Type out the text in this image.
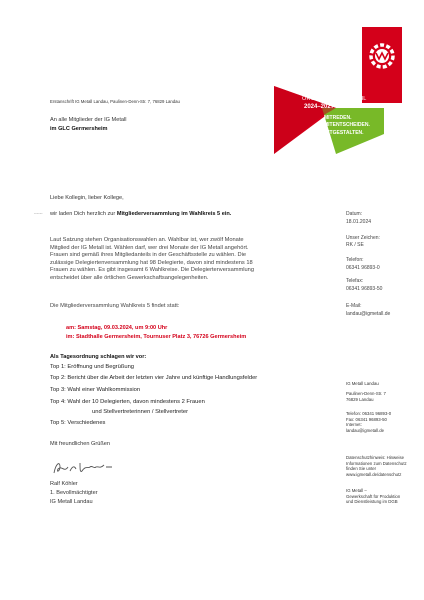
Erstanschrift IG Metall Landau, Paulinen-Denn-Str. 7, 76829 Landau
An alle Mitglieder der IG Metall
im GLC Germersheim
ORGANISATIONSWAHL
2024–2027
MITREDEN.
MITENTSCHEIDEN.
MITGESTALTEN.
------
Liebe Kollegin, lieber Kollege,
wir laden Dich herzlich zur Mitgliederversammlung im Wahlkreis 5 ein.
Laut Satzung stehen Organisationswahlen an. Wahlbar ist, wer zwölf Monate
Mitglied der IG Metall ist. Wählen darf, wer drei Monate der IG Metall angehört.
Frauen sind gemäß ihres Mitgliedanteils in der Geschäftsstelle zu wählen. Die
zulässige Delegiertenversammlung hat 98 Delegierte, davon sind mindestens 18
Frauen zu wählen. Es gibt insgesamt 6 Wahlkreise. Die Delegiertenversammlung
entscheidet über alle örtlichen Gewerkschaftsangelegenheiten.
Die Mitgliederversammlung Wahlkreis 5 findet statt:
am: Samstag, 09.03.2024, um 9:00 Uhr
im: Stadthalle Germersheim, Tournuser Platz 3, 76726 Germersheim
Als Tagesordnung schlagen wir vor:
Top 1: Eröffnung und Begrüßung
Top 2: Bericht über die Arbeit der letzten vier Jahre und künftige Handlungsfelder
Top 3: Wahl einer Wahlkommission
Top 4: Wahl der 10 Delegierten, davon mindestens 2 Frauen
und Stellvertreterinnen / Stellvertreter
Top 5: Verschiedenes
Mit freundlichen Grüßen
Ralf Köhler
1. Bevollmächtigter
IG Metall Landau
Datum:
18.01.2024
Unser Zeichen:
RK / SE
Telefon:
06341 96893-0
Telefax:
06341 96893-50
E-Mail:
landau@igmetall.de
IG Metall Landau
Paulinen-Denn-Str. 7
76829 Landau
Telefon: 06341 96893-0
Fax: 06341 96893-50
Internet:
landau@igmetall.de
Datenschutzhinweis: Hinweise
Informationen zum Datenschutz
finden Sie unter
www.igmetall.de/datenschutz
IG Metall –
Gewerkschaft für Produktion
und Dienstleistung im DGB
